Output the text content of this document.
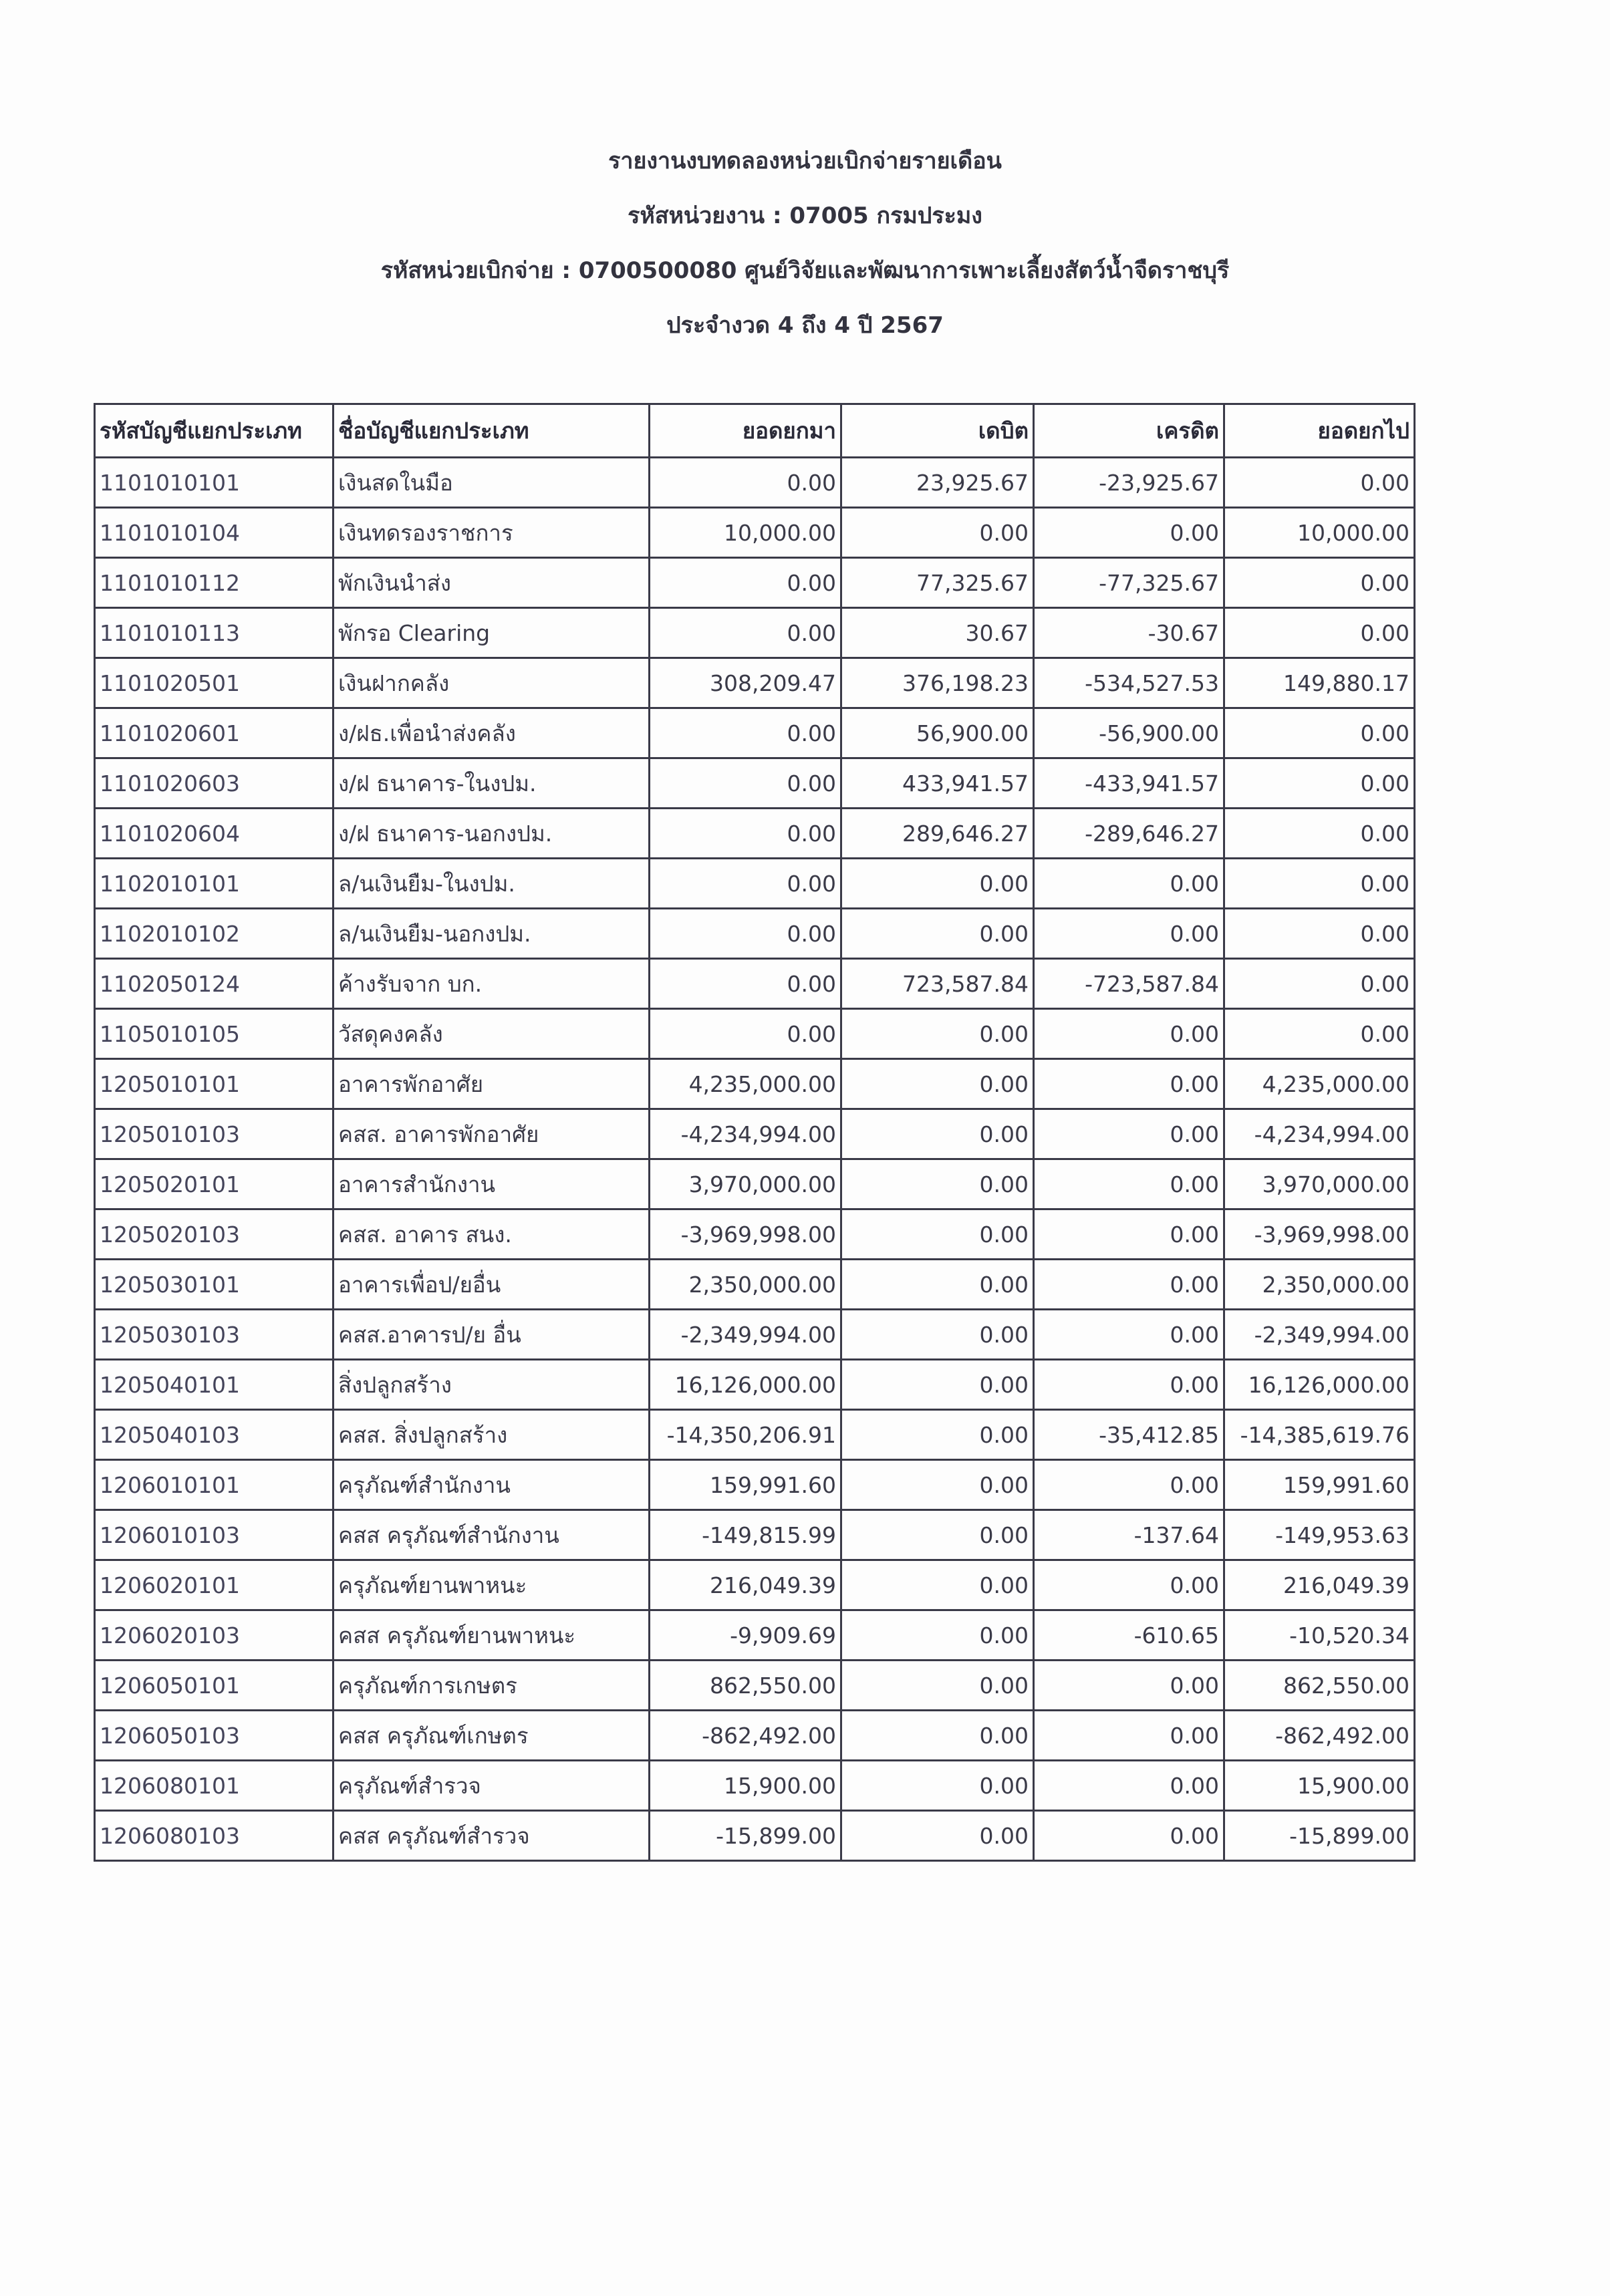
รายงานงบทดลองหน่วยเบิกจ่ายรายเดือน
รหัสหน่วยงาน : 07005 กรมประมง
รหัสหน่วยเบิกจ่าย : 0700500080 ศูนย์วิจัยและพัฒนาการเพาะเลี้ยงสัตว์น้ำจืดราชบุรี
ประจำงวด 4 ถึง 4 ปี 2567
รหัสบัญชีแยกประเภท	ชื่อบัญชีแยกประเภท	ยอดยกมา	เดบิต	เครดิต	ยอดยกไป
1101010101	เงินสดในมือ	0.00	23,925.67	-23,925.67	0.00
1101010104	เงินทดรองราชการ	10,000.00	0.00	0.00	10,000.00
1101010112	พักเงินนำส่ง	0.00	77,325.67	-77,325.67	0.00
1101010113	พักรอ Clearing	0.00	30.67	-30.67	0.00
1101020501	เงินฝากคลัง	308,209.47	376,198.23	-534,527.53	149,880.17
1101020601	ง/ฝธ.เพื่อนำส่งคลัง	0.00	56,900.00	-56,900.00	0.00
1101020603	ง/ฝ ธนาคาร-ในงปม.	0.00	433,941.57	-433,941.57	0.00
1101020604	ง/ฝ ธนาคาร-นอกงปม.	0.00	289,646.27	-289,646.27	0.00
1102010101	ล/นเงินยืม-ในงปม.	0.00	0.00	0.00	0.00
1102010102	ล/นเงินยืม-นอกงปม.	0.00	0.00	0.00	0.00
1102050124	ค้างรับจาก บก.	0.00	723,587.84	-723,587.84	0.00
1105010105	วัสดุคงคลัง	0.00	0.00	0.00	0.00
1205010101	อาคารพักอาศัย	4,235,000.00	0.00	0.00	4,235,000.00
1205010103	คสส. อาคารพักอาศัย	-4,234,994.00	0.00	0.00	-4,234,994.00
1205020101	อาคารสำนักงาน	3,970,000.00	0.00	0.00	3,970,000.00
1205020103	คสส. อาคาร สนง.	-3,969,998.00	0.00	0.00	-3,969,998.00
1205030101	อาคารเพื่อป/ยอื่น	2,350,000.00	0.00	0.00	2,350,000.00
1205030103	คสส.อาคารป/ย อื่น	-2,349,994.00	0.00	0.00	-2,349,994.00
1205040101	สิ่งปลูกสร้าง	16,126,000.00	0.00	0.00	16,126,000.00
1205040103	คสส. สิ่งปลูกสร้าง	-14,350,206.91	0.00	-35,412.85	-14,385,619.76
1206010101	ครุภัณฑ์สำนักงาน	159,991.60	0.00	0.00	159,991.60
1206010103	คสส ครุภัณฑ์สำนักงาน	-149,815.99	0.00	-137.64	-149,953.63
1206020101	ครุภัณฑ์ยานพาหนะ	216,049.39	0.00	0.00	216,049.39
1206020103	คสส ครุภัณฑ์ยานพาหนะ	-9,909.69	0.00	-610.65	-10,520.34
1206050101	ครุภัณฑ์การเกษตร	862,550.00	0.00	0.00	862,550.00
1206050103	คสส ครุภัณฑ์เกษตร	-862,492.00	0.00	0.00	-862,492.00
1206080101	ครุภัณฑ์สำรวจ	15,900.00	0.00	0.00	15,900.00
1206080103	คสส ครุภัณฑ์สำรวจ	-15,899.00	0.00	0.00	-15,899.00
